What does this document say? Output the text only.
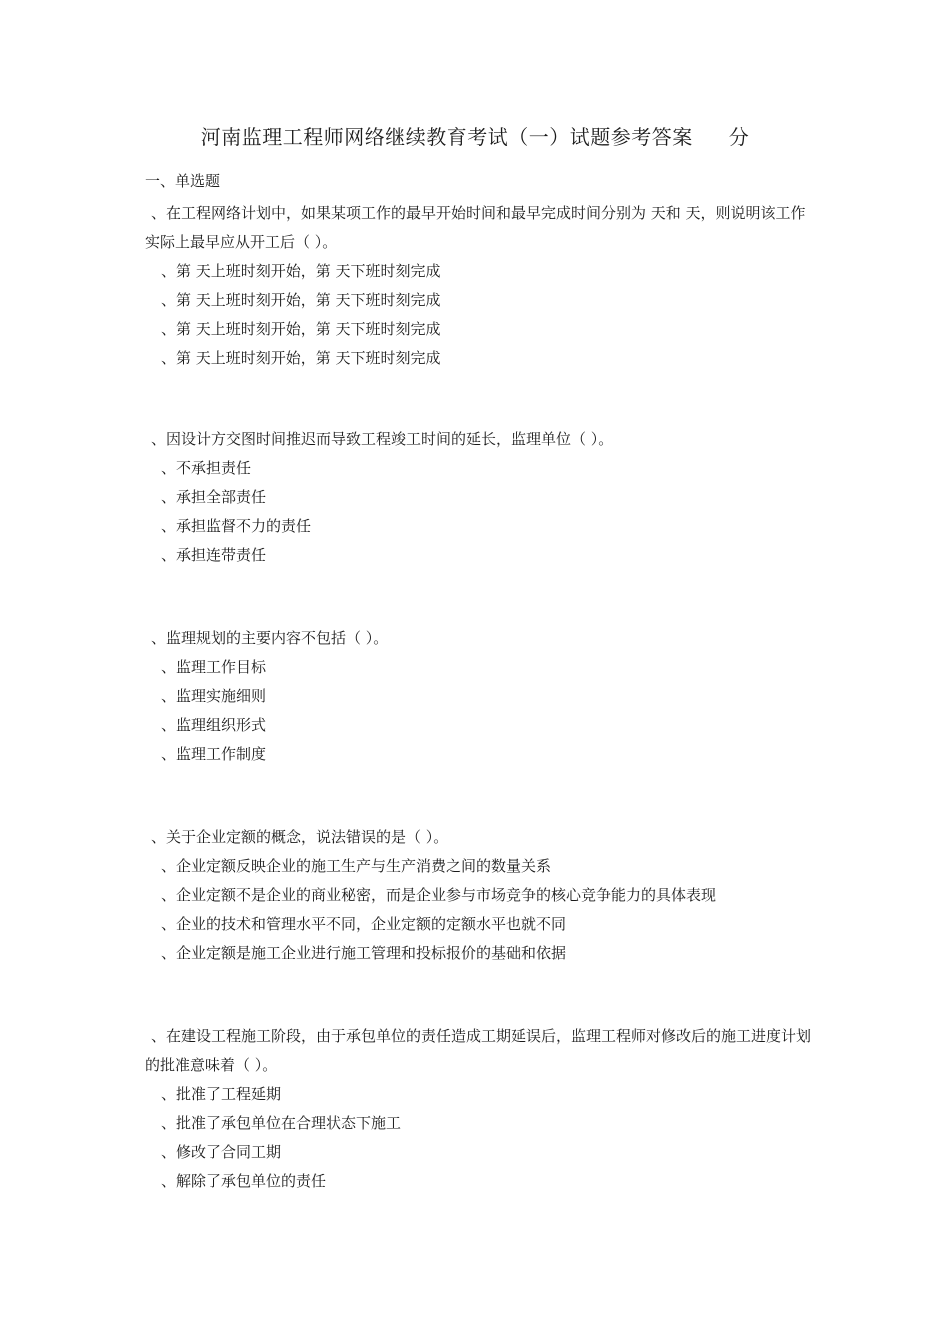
河南监理工程师网络继续教育考试（一）试题参考答案 分
一、单选题

、在工程网络计划中，如果某项工作的最早开始时间和最早完成时间分别为 天和 天，则说明该工作实际上最早应从开工后（ ）。

、第 天上班时刻开始，第 天下班时刻完成
、第 天上班时刻开始，第 天下班时刻完成
、第 天上班时刻开始，第 天下班时刻完成
、第 天上班时刻开始，第 天下班时刻完成

、因设计方交图时间推迟而导致工程竣工时间的延长，监理单位（ ）。

、不承担责任
、承担全部责任
、承担监督不力的责任
、承担连带责任

、监理规划的主要内容不包括（ ）。

、监理工作目标
、监理实施细则
、监理组织形式
、监理工作制度

、关于企业定额的概念，说法错误的是（ ）。

、企业定额反映企业的施工生产与生产消费之间的数量关系
、企业定额不是企业的商业秘密，而是企业参与市场竞争的核心竞争能力的具体表现
、企业的技术和管理水平不同，企业定额的定额水平也就不同
、企业定额是施工企业进行施工管理和投标报价的基础和依据

、在建设工程施工阶段，由于承包单位的责任造成工期延误后，监理工程师对修改后的施工进度计划的批准意味着（ ）。

、批准了工程延期
、批准了承包单位在合理状态下施工
、修改了合同工期
、解除了承包单位的责任
